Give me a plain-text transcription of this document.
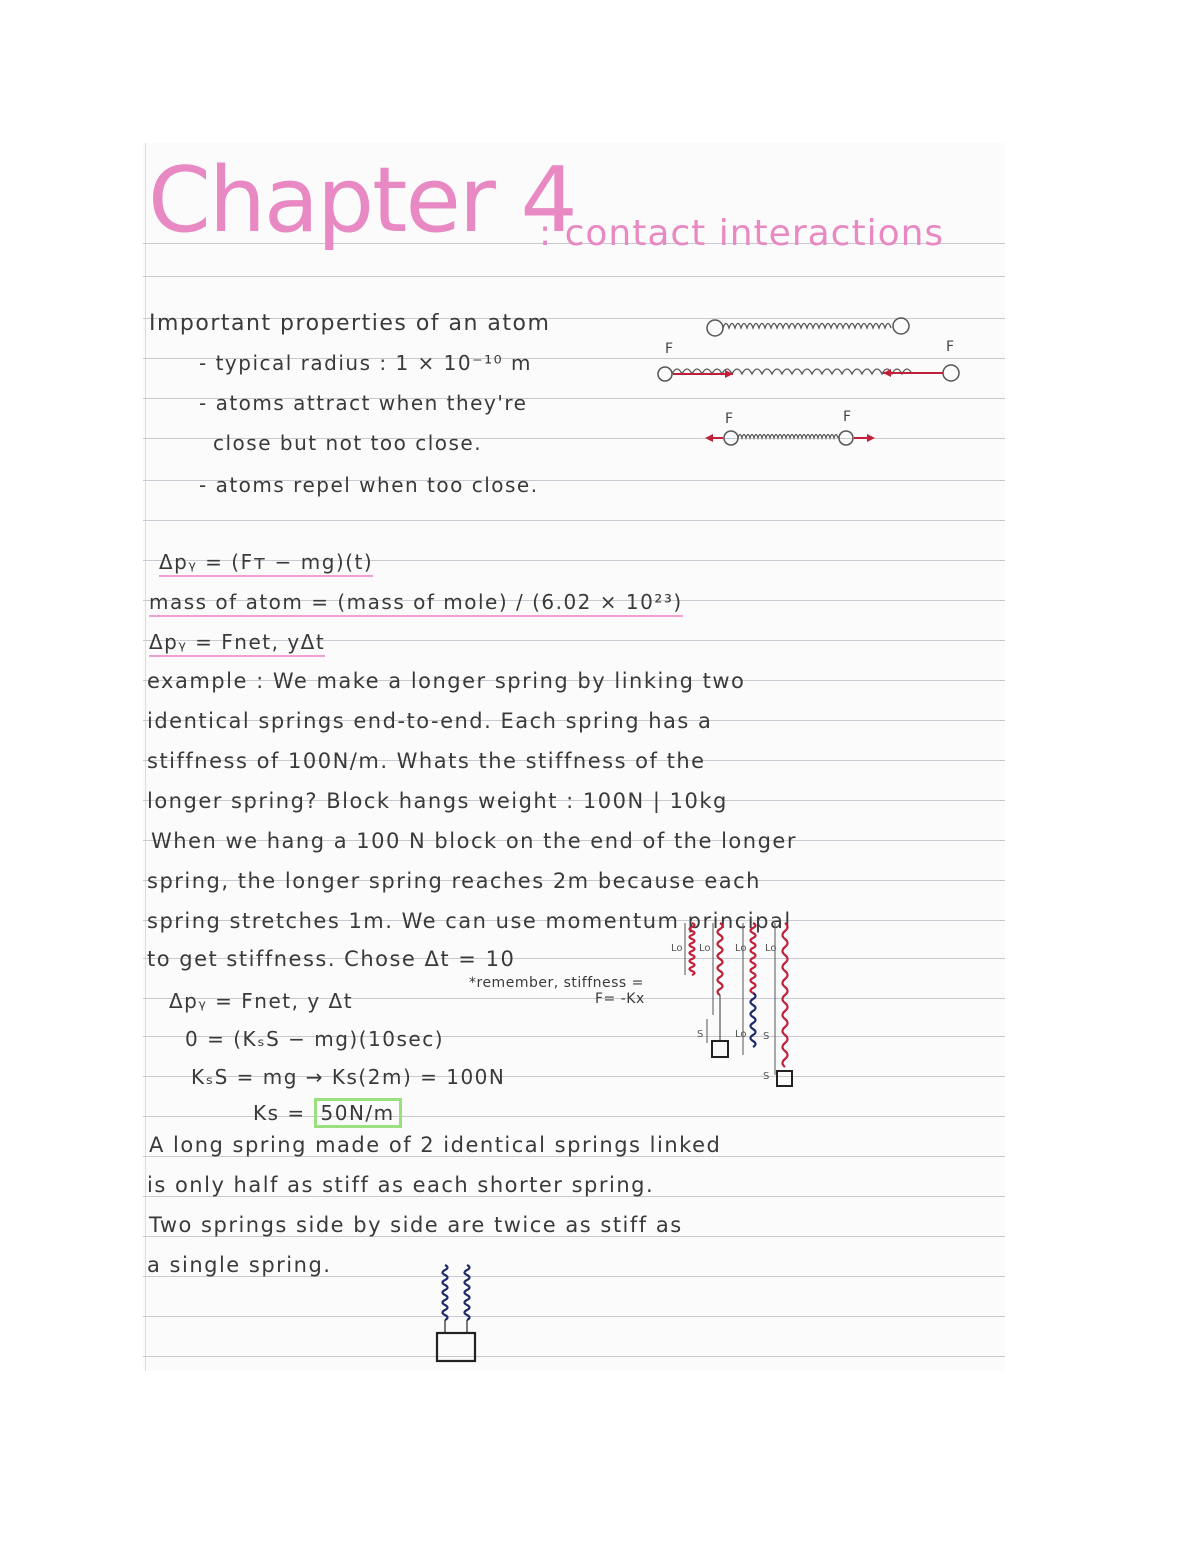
Chapter 4
: contact interactions
Important properties of an atom
- typical radius : 1 × 10⁻¹⁰ m
- atoms attract when they're
close but not too close.
- atoms repel when too close.
F	F
F	F
Δpᵧ = (Fᴛ − mg)(t)
mass of atom = (mass of mole) / (6.02 × 10²³)
Δpᵧ = Fnet, yΔt
example : We make a longer spring by linking two
identical springs end-to-end. Each spring has a
stiffness of 100N/m. Whats the stiffness of the
longer spring? Block hangs weight : 100N | 10kg
When we hang a 100 N block on the end of the longer
spring, the longer spring reaches 2m because each
spring stretches 1m. We can use momentum principal
to get stiffness. Chose Δt = 10
Δpᵧ = Fnet, y Δt
0 = (KₛS − mg)(10sec)
KₛS = mg → Ks(2m) = 100N
Ks = 50N/m
*remember, stiffness =
F= -Kx
Lo Lo
S
Lo
Lo
Lo
S
S
A long spring made of 2 identical springs linked
is only half as stiff as each shorter spring.
Two springs side by side are twice as stiff as
a single spring.
